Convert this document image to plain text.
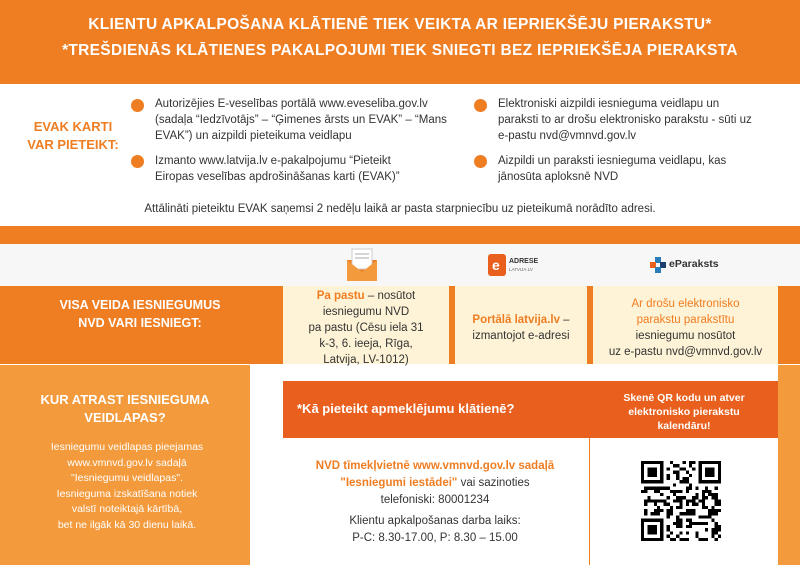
KLIENTU APKALPOŠANA KLĀTIENĒ TIEK VEIKTA AR IEPRIEKŠĒJU PIERAKSTU*
*TREŠDIENĀS KLĀTIENES PAKALPOJUMI TIEK SNIEGTI BEZ IEPRIEKŠĒJA PIERAKSTA
EVAK KARTI
VAR PIETEIKT:
Autorizējies E-veselības portālā www.eveseliba.gov.lv
(sadaļa “Iedzīvotājs” – “Ģimenes ārsts un EVAK” – “Mans
EVAK”) un aizpildi pieteikuma veidlapu
Izmanto www.latvija.lv e-pakalpojumu “Pieteikt
Eiropas veselības apdrošināšanas karti (EVAK)”
Elektroniski aizpildi iesnieguma veidlapu un
paraksti to ar drošu elektronisko parakstu - sūti uz
e-pastu nvd@vmnvd.gov.lv
Aizpildi un paraksti iesnieguma veidlapu, kas
jānosūta aploksnē NVD
Attālināti pieteiktu EVAK saņemsi 2 nedēļu laikā ar pasta starpniecību uz pieteikumā norādīto adresi.
e ADRESE
LATVIJA.LV	eParaksts
VISA VEIDA IESNIEGUMUS
NVD VARI IESNIEGT:
Pa pastu – nosūtot
iesniegumu NVD
pa pastu (Cēsu iela 31
k-3, 6. ieeja, Rīga,
Latvija, LV-1012)
Portālā latvija.lv –
izmantojot e-adresi
Ar drošu elektronisko
parakstu parakstītu
iesniegumu nosūtot
uz e-pastu nvd@vmnvd.gov.lv
KUR ATRAST IESNIEGUMA
VEIDLAPAS?
Iesniegumu veidlapas pieejamas
www.vmnvd.gov.lv sadaļā
"Iesniegumu veidlapas".
Iesnieguma izskatīšana notiek
valstī noteiktajā kārtībā,
bet ne ilgāk kā 30 dienu laikā.
*Kā pieteikt apmeklējumu klātienē?
Skenē QR kodu un atver
elektronisko pierakstu
kalendāru!
NVD tīmekļvietnē www.vmnvd.gov.lv sadaļā
"Iesniegumi iestādei" vai sazinoties
telefoniski: 80001234
Klientu apkalpošanas darba laiks:
P-C: 8.30-17.00, P: 8.30 – 15.00
